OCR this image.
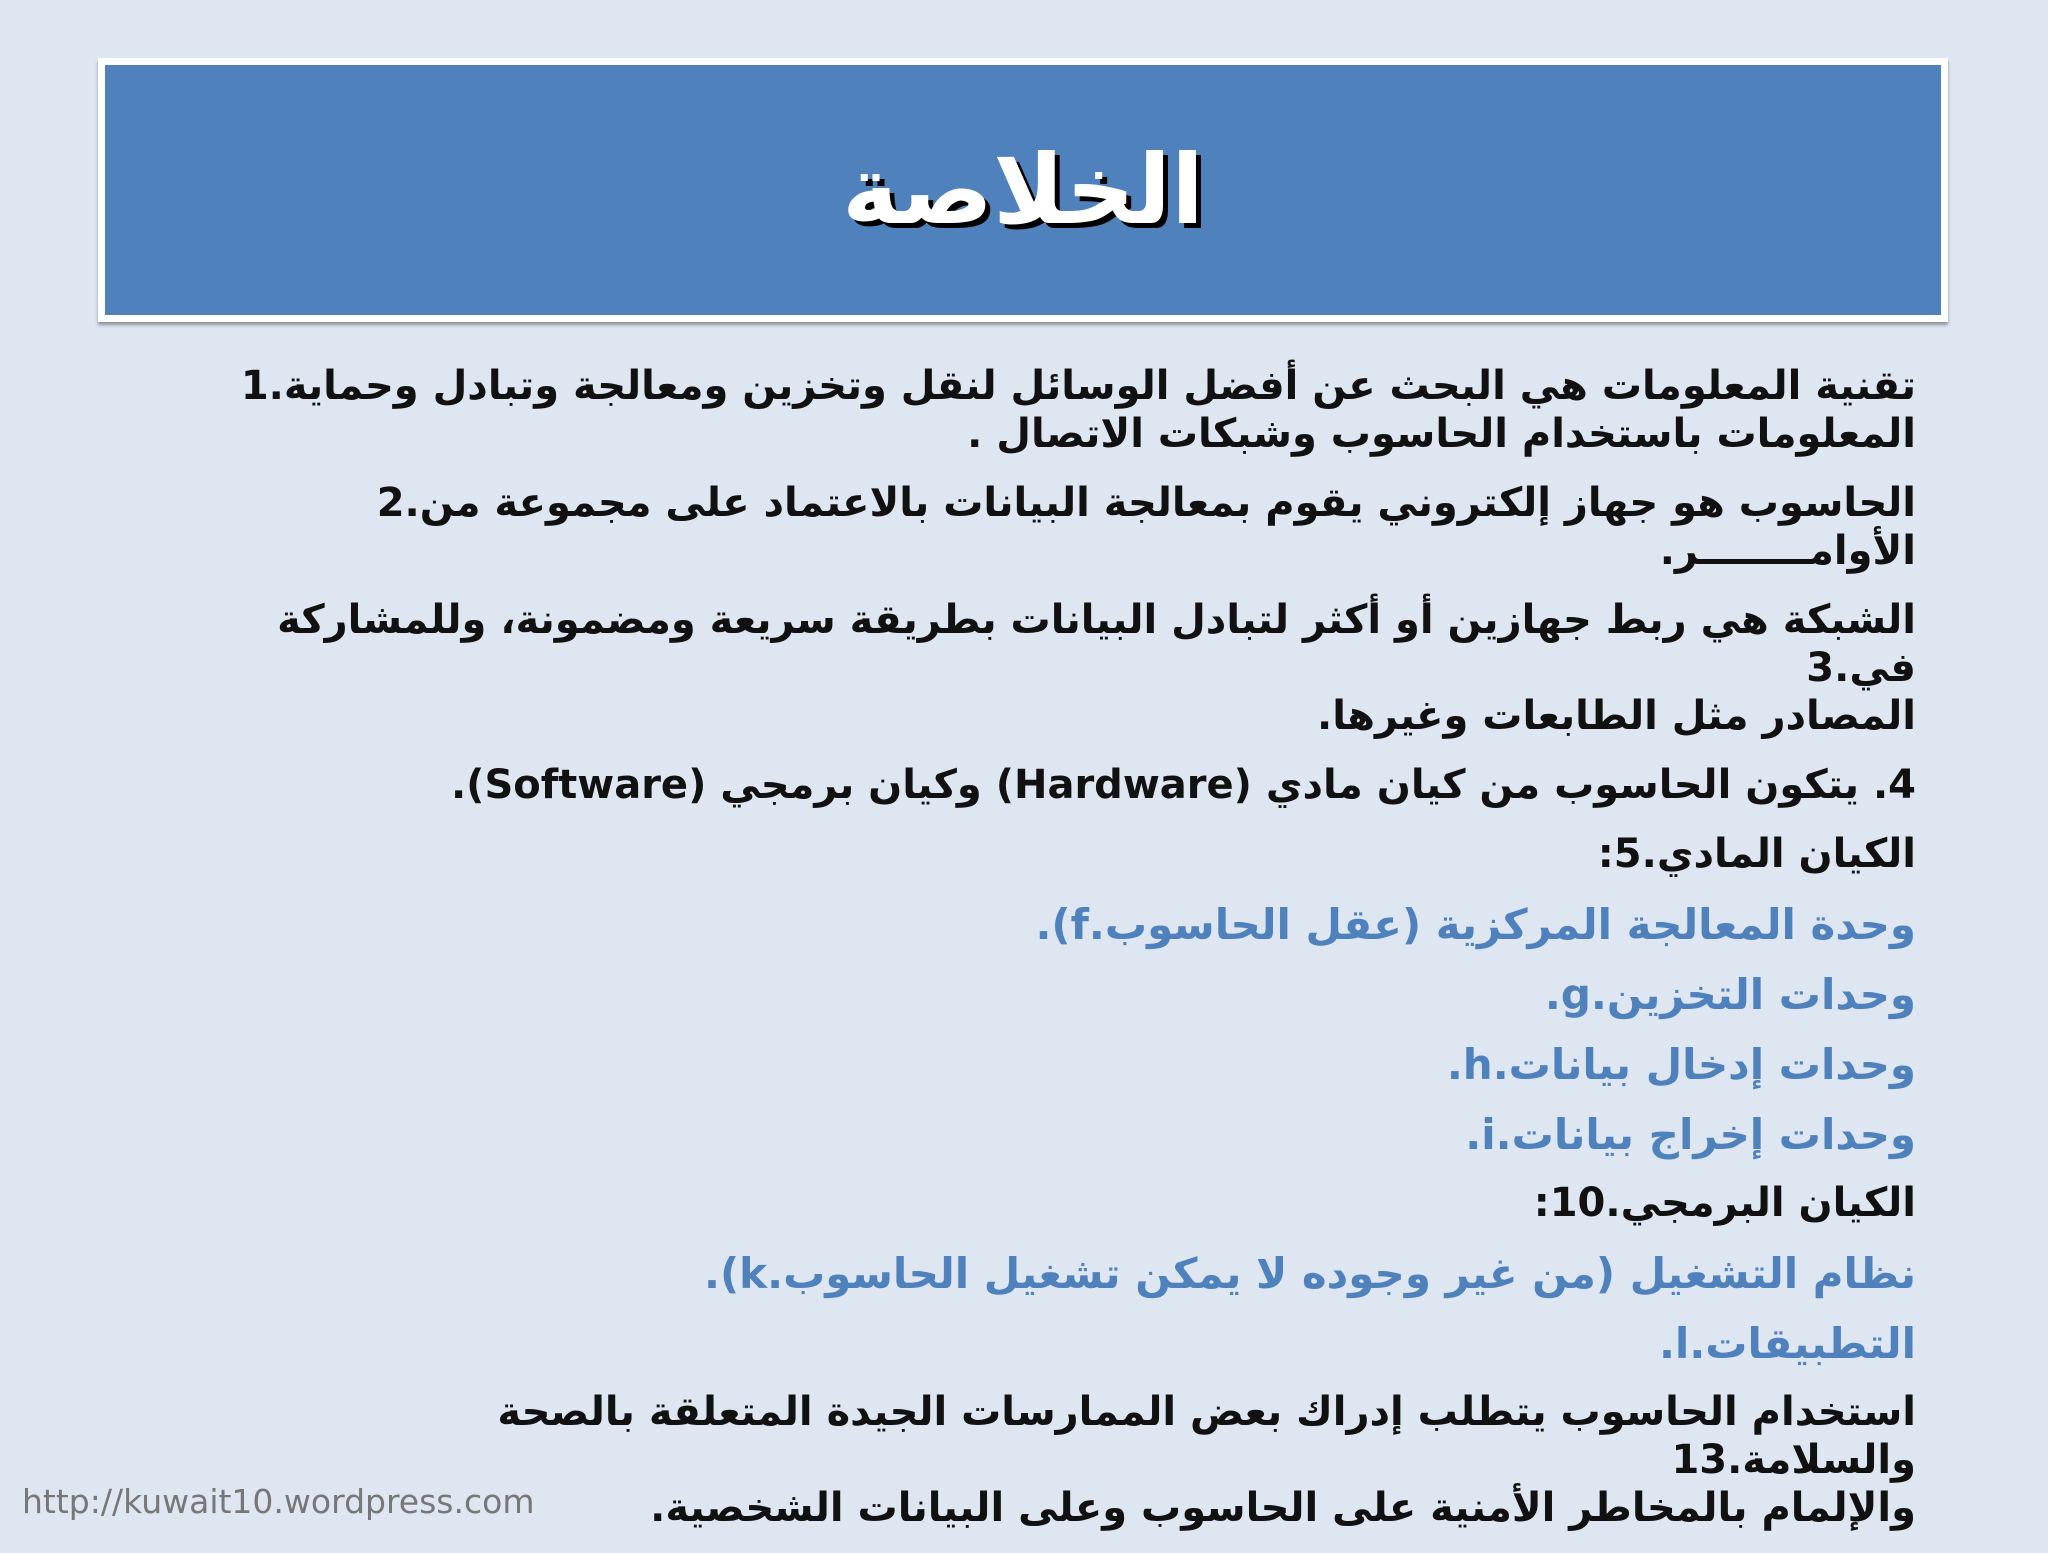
الخلاصة
تقنية المعلومات هي البحث عن أفضل الوسائل لنقل وتخزين ومعالجة وتبادل وحماية.1
المعلومات باستخدام الحاسوب وشبكات الاتصال .
الحاسوب هو جهاز إلكتروني يقوم بمعالجة البيانات بالاعتماد على مجموعة من.2
الأوامــــــــر.
الشبكة هي ربط جهازين أو أكثر لتبادل البيانات بطريقة سريعة ومضمونة، وللمشاركة في.3
المصادر مثل الطابعات وغيرها.
4. يتكون الحاسوب من كيان مادي (Hardware) وكيان برمجي (Software).
الكيان المادي.5:
وحدة المعالجة المركزية (عقل الحاسوب.f).
وحدات التخزين.g.
وحدات إدخال بيانات.h.
وحدات إخراج بيانات.i.
الكيان البرمجي.10:
نظام التشغيل (من غير وجوده لا يمكن تشغيل الحاسوب.k).
التطبيقات.l.
استخدام الحاسوب يتطلب إدراك بعض الممارسات الجيدة المتعلقة بالصحة والسلامة.13
والإلمام بالمخاطر الأمنية على الحاسوب وعلى البيانات الشخصية.
http://kuwait10.wordpress.com
